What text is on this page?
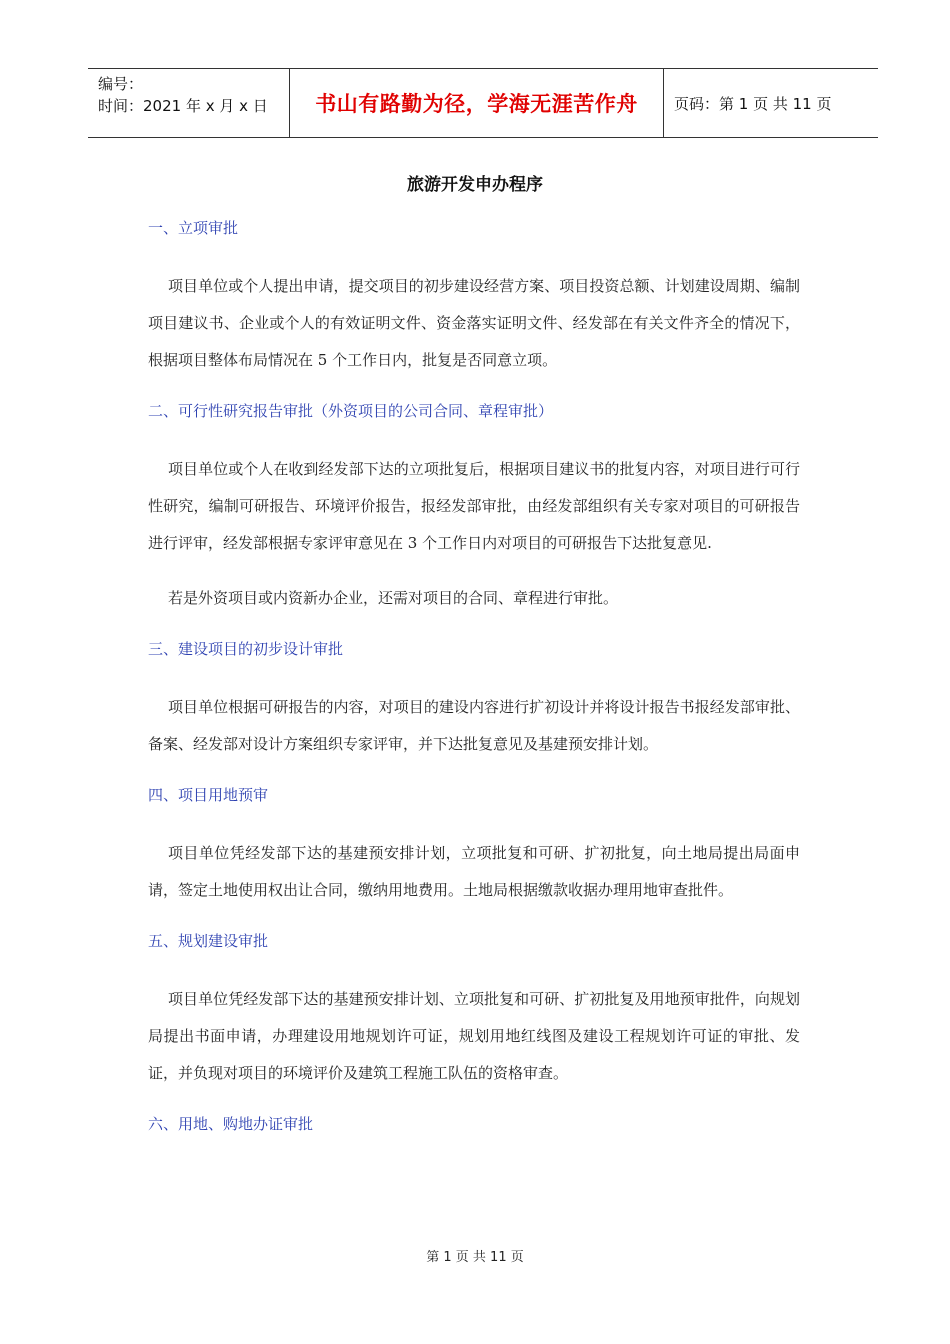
编号：
时间：2021 年 x 月 x 日	书山有路勤为径，学海无涯苦作舟	页码：第 1 页 共 11 页
旅游开发申办程序
一、立项审批

项目单位或个人提出申请，提交项目的初步建设经营方案、项目投资总额、计划建设周期、编制项目建议书、企业或个人的有效证明文件、资金落实证明文件、经发部在有关文件齐全的情况下，根据项目整体布局情况在 5 个工作日内，批复是否同意立项。

二、可行性研究报告审批（外资项目的公司合同、章程审批）

项目单位或个人在收到经发部下达的立项批复后，根据项目建议书的批复内容，对项目进行可行性研究，编制可研报告、环境评价报告，报经发部审批，由经发部组织有关专家对项目的可研报告进行评审，经发部根据专家评审意见在 3 个工作日内对项目的可研报告下达批复意见.

若是外资项目或内资新办企业，还需对项目的合同、章程进行审批。

三、建设项目的初步设计审批

项目单位根据可研报告的内容，对项目的建设内容进行扩初设计并将设计报告书报经发部审批、备案、经发部对设计方案组织专家评审，并下达批复意见及基建预安排计划。

四、项目用地预审

项目单位凭经发部下达的基建预安排计划，立项批复和可研、扩初批复，向土地局提出局面申请，签定土地使用权出让合同，缴纳用地费用。土地局根据缴款收据办理用地审查批件。

五、规划建设审批

项目单位凭经发部下达的基建预安排计划、立项批复和可研、扩初批复及用地预审批件，向规划局提出书面申请，办理建设用地规划许可证，规划用地红线图及建设工程规划许可证的审批、发证，并负现对项目的环境评价及建筑工程施工队伍的资格审查。

六、用地、购地办证审批
第 1 页 共 11 页
